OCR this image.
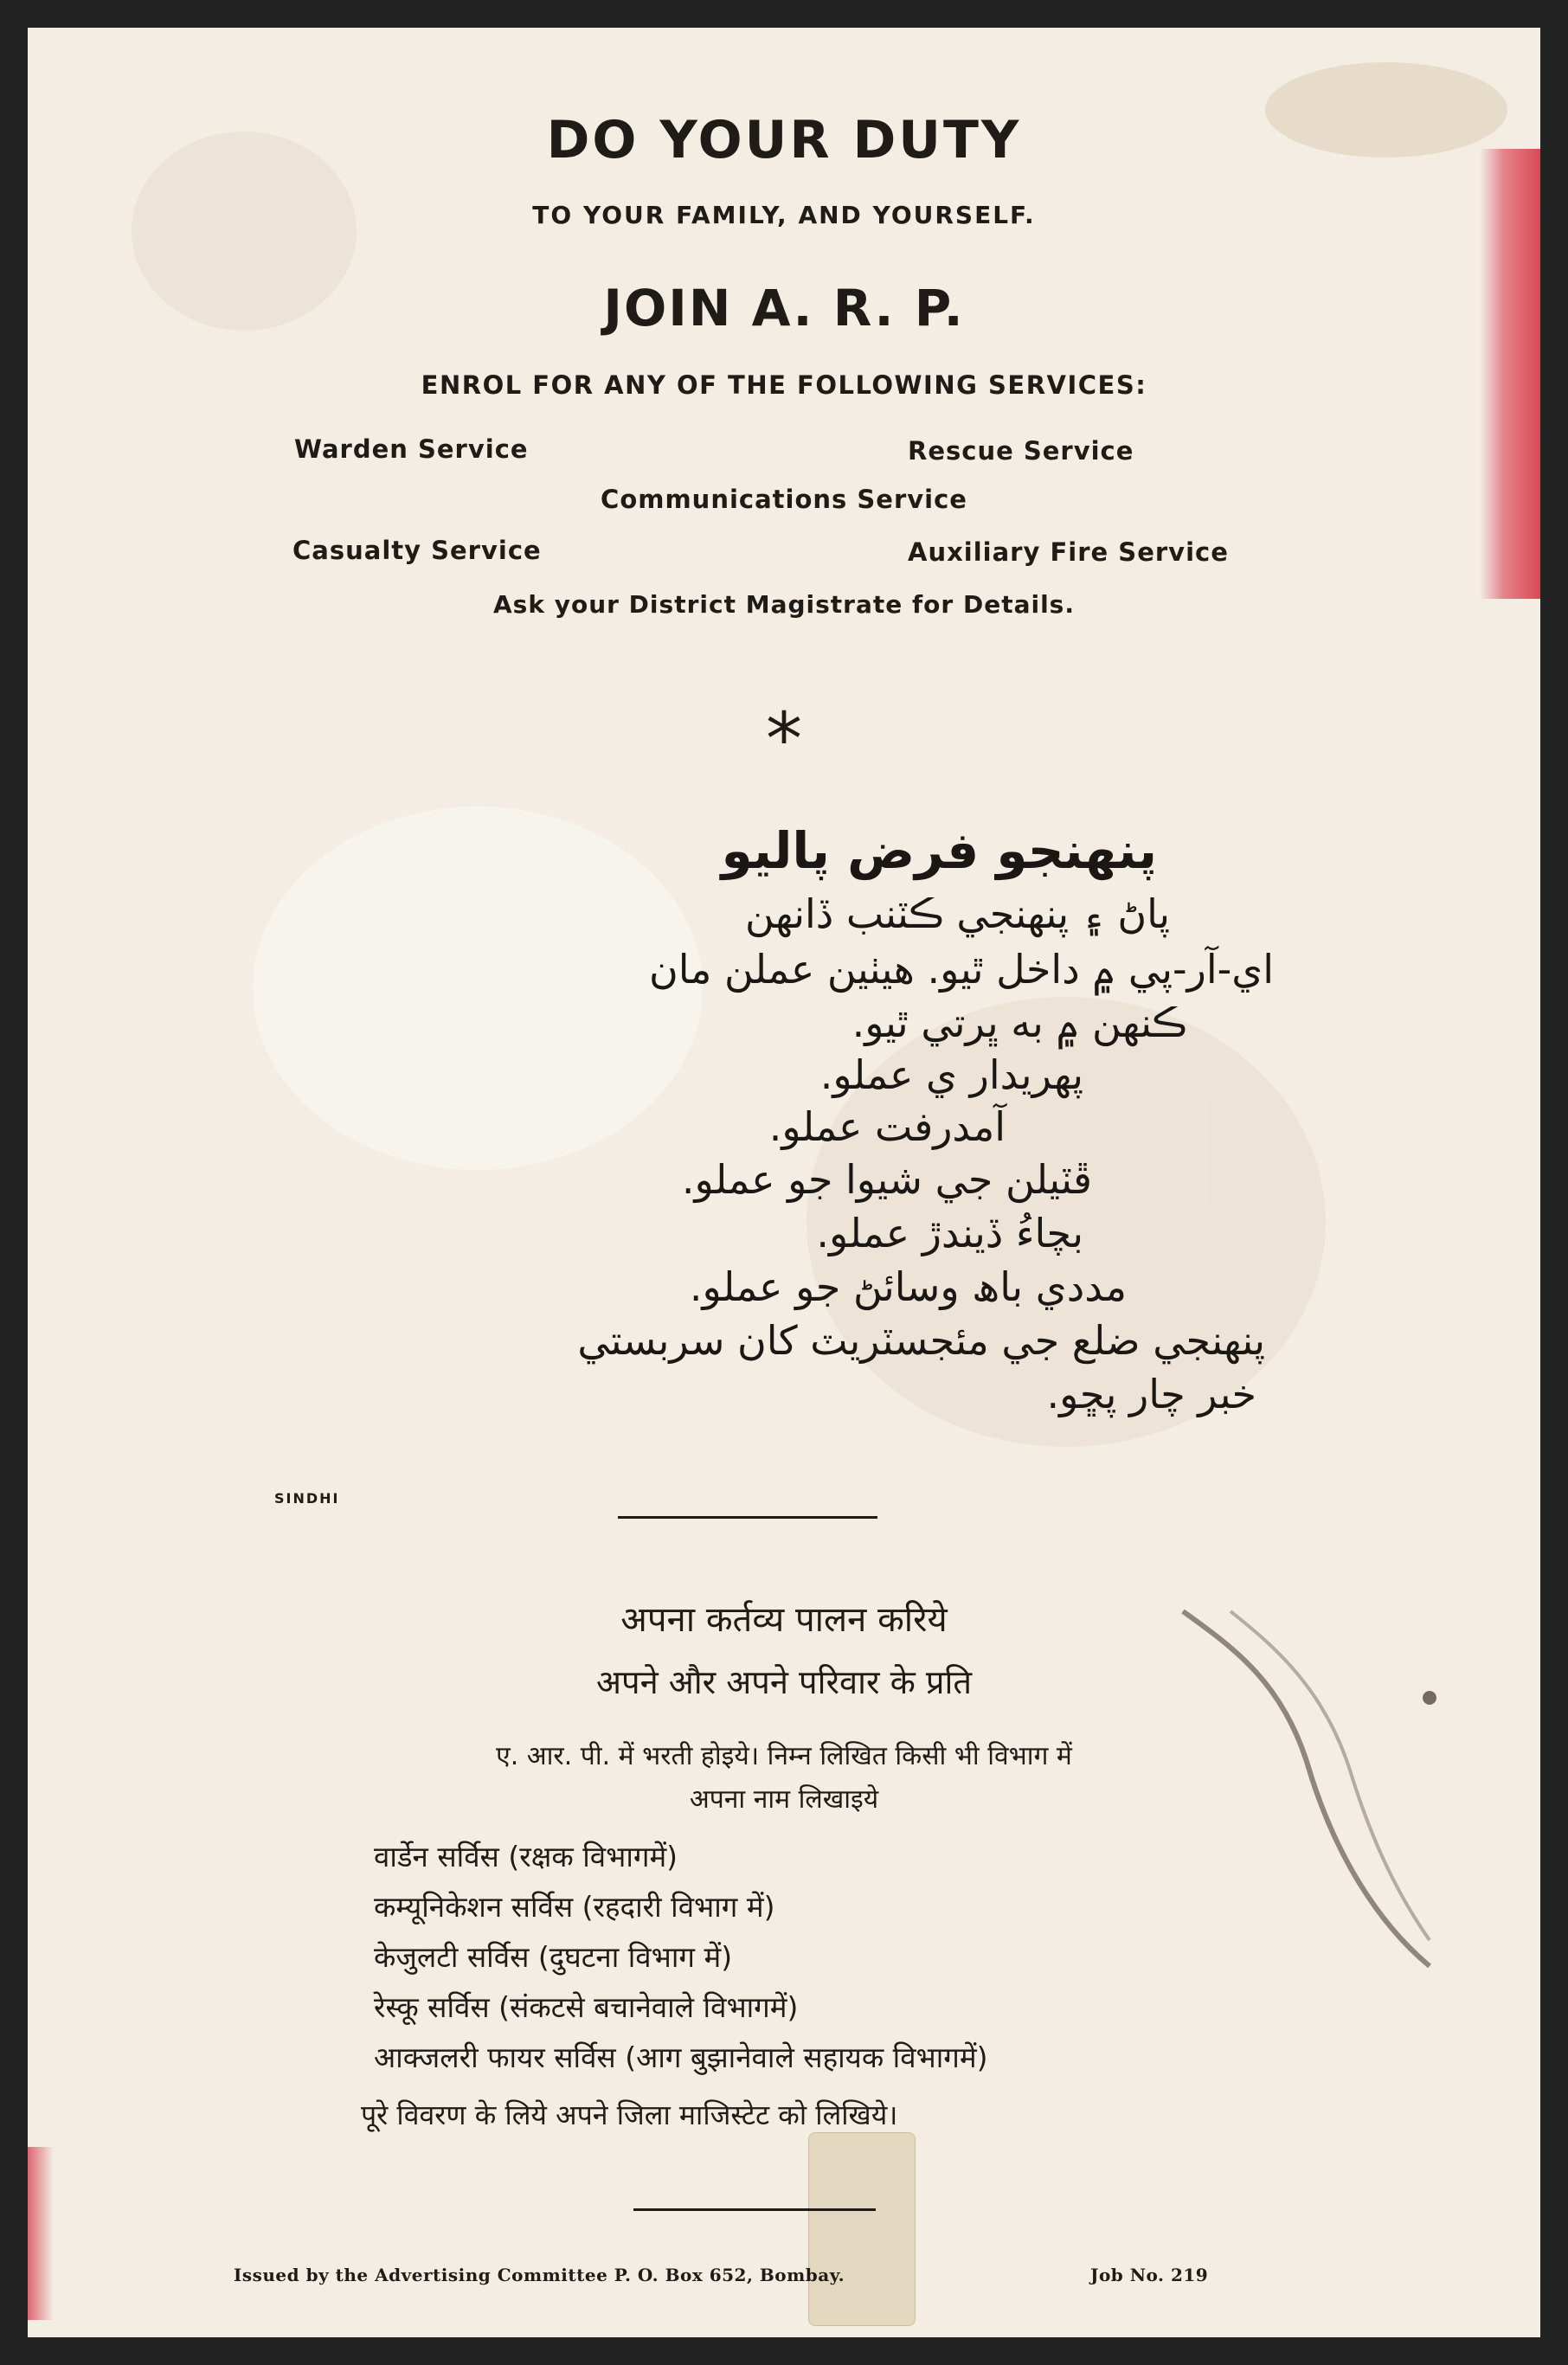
DO YOUR DUTY
TO YOUR FAMILY, AND YOURSELF.
JOIN A. R. P.
ENROL FOR ANY OF THE FOLLOWING SERVICES:
Warden Service	Rescue Service
Communications Service
Casualty Service	Auxiliary Fire Service
Ask your District Magistrate for Details.
*
پنھنجو فرض پاليو
پاڻ ۽ پنھنجي ڪٽنب ڏانھن
اي-آر-پي ۾ داخل ٿيو. ھيٺين عملن مان
ڪنھن ۾ به ڀرتي ٿيو.
پھريدار ي عملو.
آمدرفت عملو.
ڦٽيلن جي شيوا جو عملو.
بچاءُ ڏيندڙ عملو.
مددي باھ وسائڻ جو عملو.
پنھنجي ضلع جي مئجسٽريٽ کان سربستي
خبر چار پڇو.
SINDHI
अपना कर्तव्य पालन करिये
अपने और अपने परिवार के प्रति
ए. आर. पी. में भरती होइये। निम्न लिखित किसी भी विभाग में
अपना नाम लिखाइये
वार्डेन सर्विस (रक्षक विभागमें)
कम्यूनिकेशन सर्विस (रहदारी विभाग में)
केजुलटी सर्विस (दुघटना विभाग में)
रेस्कू सर्विस (संकटसे बचानेवाले विभागमें)
आक्जलरी फायर सर्विस (आग बुझानेवाले सहायक विभागमें)
पूरे विवरण के लिये अपने जिला माजिस्टेट को लिखिये।
Issued by the Advertising Committee P. O. Box 652, Bombay.	Job No. 219
